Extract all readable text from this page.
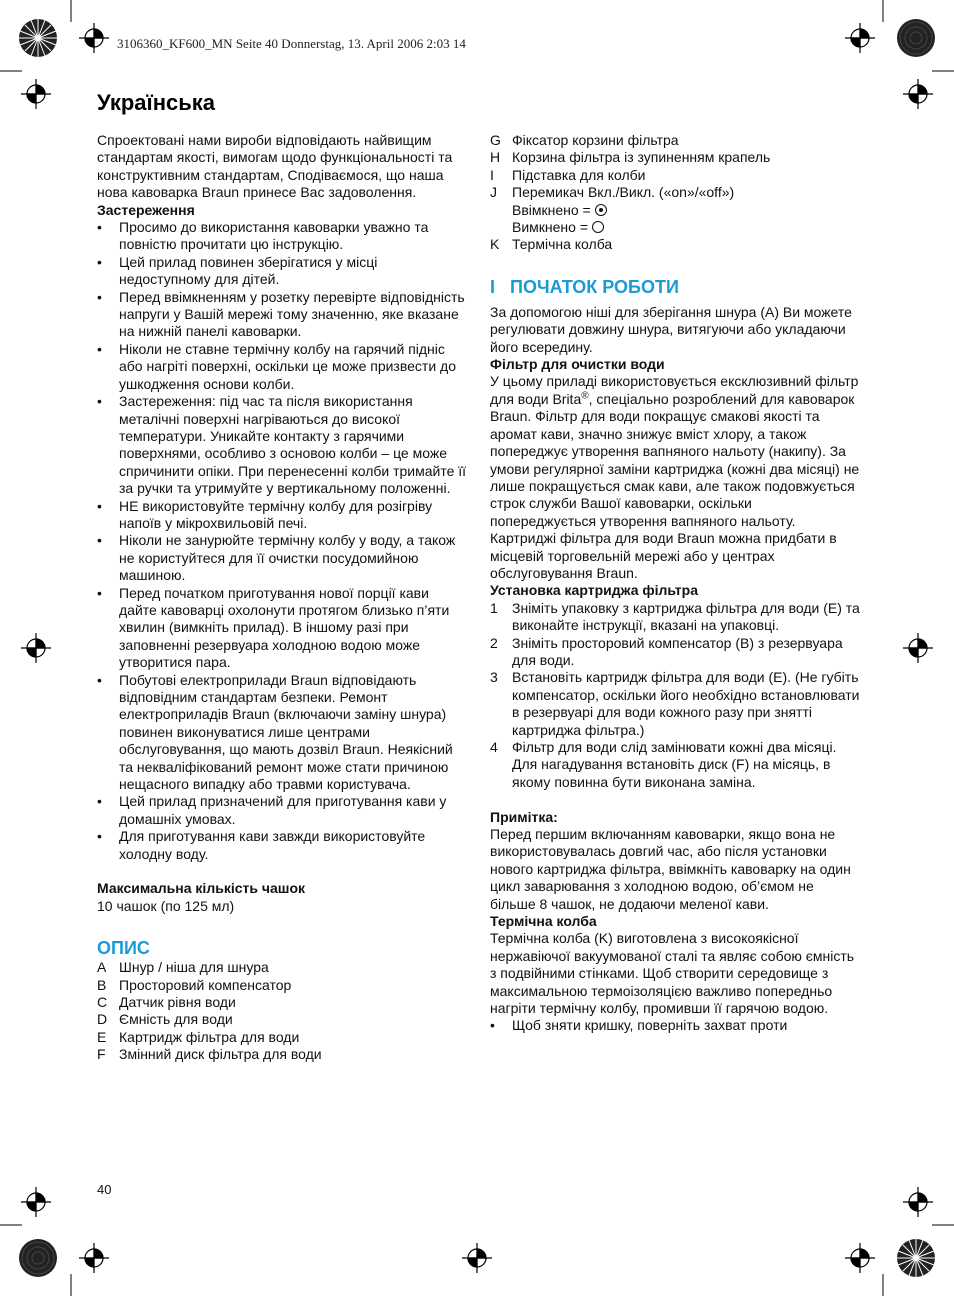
3106360_KF600_MN Seite 40 Donnerstag, 13. April 2006 2:03 14
Українська

Спроектовані нами вироби відповідають найвищим стандартам якості, вимогам щодо функціональності та конструктивним стандартам, Сподіваємося, що наша нова кавоварка Braun принесе Вас задоволення.

Застереження

• Просимо до використання кавоварки уважно та повністю прочитати цю інструкцію.
• Цей прилад повинен зберігатися у місці недоступному для дітей.
• Перед ввімкненням у розетку перевірте відповідність напруги у Вашій мережі тому значенню, яке вказане на нижній панелі кавоварки.
• Ніколи не ставне термічну колбу на гарячий підніс або нагріті поверхні, оскільки це може призвести до ушкодження основи колби.
• Застереження: під час та після використання металічні поверхні нагріваються до високої температури. Уникайте контакту з гарячими поверхнями, особливо з основою колби – це може спричинити опіки. При перенесенні колби тримайте її за ручки та утримуйте у вертикальному положенні.
• НЕ використовуйте термічну колбу для розігріву напоїв у мікрохвильовій печі.
• Ніколи не занурюйте термічну колбу у воду, а також не користуйтеся для її очистки посудомийною машиною.
• Перед початком приготування нової порції кави дайте кавоварці охолонути протягом близько п’яти хвилин (вимкніть прилад). В іншому разі при заповненні резервуара холодною водою може утворитися пара.
• Побутові електроприлади Braun відповідають відповідним стандартам безпеки. Ремонт електроприладів Braun (включаючи заміну шнура) повинен виконуватися лише центрами обслуговування, що мають дозвіл Braun. Неякісний та некваліфікований ремонт може стати причиною нещасного випадку або травми користувача.
• Цей прилад призначений для приготування кави у домашніх умовах.
• Для приготування кави завжди використовуйте холодну воду.

Максимальна кількість чашок

10 чашок (по 125 мл)

ОПИС
A Шнур / ніша для шнура
B Просторовий компенсатор
C Датчик рівня води
D Ємність для води
E Картридж фільтра для води
F Змінний диск фільтра для води
G Фіксатор корзини фільтра
H Корзина фільтра із зупиненням крапель
I	Підставка для колби
J	Перемикач Вкл./Викл. («on»/«off»)
Ввімкнено =
Вимкнено =
K Термічна колба
I ПОЧАТОК РОБОТИ

За допомогою ніші для зберігання шнура (A) Ви можете регулювати довжину шнура, витягуючи або укладаючи його всередину.

Фільтр для очистки води

У цьому приладі використовується ексклюзивний фільтр для води Brita®, спеціально розроблений для кавоварок Braun. Фільтр для води покращує смакові якості та аромат кави, значно знижує вміст хлору, а також попереджує утворення вапняного нальоту (накипу). За умови регулярної заміни картриджа (кожні два місяці) не лише покращується смак кави, але також подовжується строк служби Вашої кавоварки, оскільки попереджується утворення вапняного нальоту. Картриджі фільтра для води Braun можна придбати в місцевій торговельній мережі або у центрах обслуговування Braun.

Установка картриджа фільтра

1	Зніміть упаковку з картриджа фільтра для води (E) та виконайте інструкції, вказані на упаковці.
2	Зніміть просторовий компенсатор (B) з резервуара для води.
3	Встановіть картридж фільтра для води (E). (Не губіть компенсатор, оскільки його необхідно встановлювати в резервуарі для води кожного разу при знятті картриджа фільтра.)
4	Фільтр для води слід замінювати кожні два місяці. Для нагадування встановіть диск (F) на місяць, в якому повинна бути виконана заміна.

Примітка:

Перед першим включанням кавоварки, якщо вона не використовувалась довгий час, або після установки нового картриджа фільтра, ввімкніть кавоварку на один цикл заварювання з холодною водою, об’ємом не більше 8 чашок, не додаючи меленої кави.

Термічна колба

Термічна колба (K) виготовлена з високоякісної нержавіючої вакуумованої сталі та являє собою ємність з подвійними стінками. Щоб створити середовище з максимальною термоізоляцією важливо попередньо нагріти термічну колбу, промивши її гарячою водою.

• Щоб зняти кришку, поверніть захват проти
40
